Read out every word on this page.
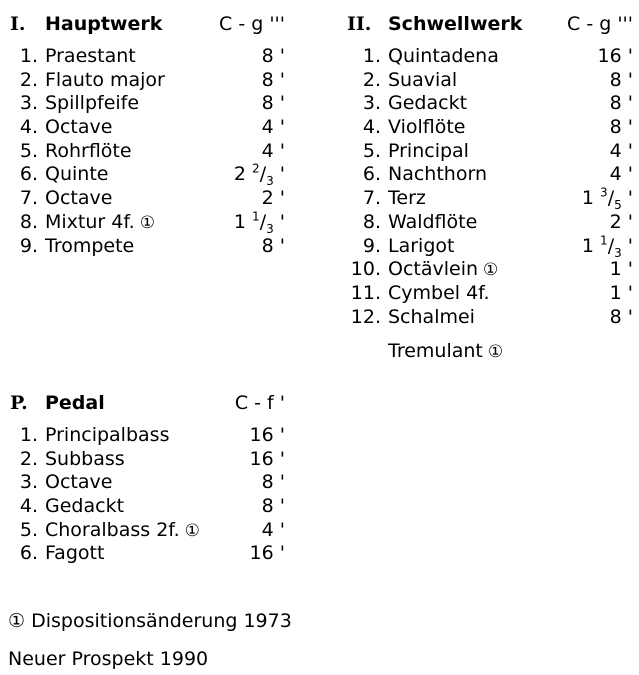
I. Hauptwerk	C - g '''
1. Praestant	8 '
2. Flauto major	8 '
3. Spillpfeife	8 '
4. Octave	4 '
5. Rohrflöte	4 '
6. Quinte	2 $^2/_3$ '
7. Octave	2 '
8. Mixtur 4f. ①	1 $^1/_3$ '
9. Trompete	8 '
II. Schwellwerk C - g '''
1. Quintadena	16 '
2. Suavial	8 '
3. Gedackt	8 '
4. Violflöte	8 '
5. Principal	4 '
6. Nachthorn	4 '
7. Terz	1 $^3/_5$ '
8. Waldflöte	2 '
9. Larigot	1 $^1/_3$ '
10. Octävlein ①	1 '
11. Cymbel 4f.	1 '
12. Schalmei	8 '
Tremulant ①
P. Pedal	C - f '
1. Principalbass	16 '
2. Subbass	16 '
3. Octave	8 '
4. Gedackt	8 '
5. Choralbass 2f. ①	4 '
6. Fagott	16 '
① Dispositionsänderung 1973
Neuer Prospekt 1990
